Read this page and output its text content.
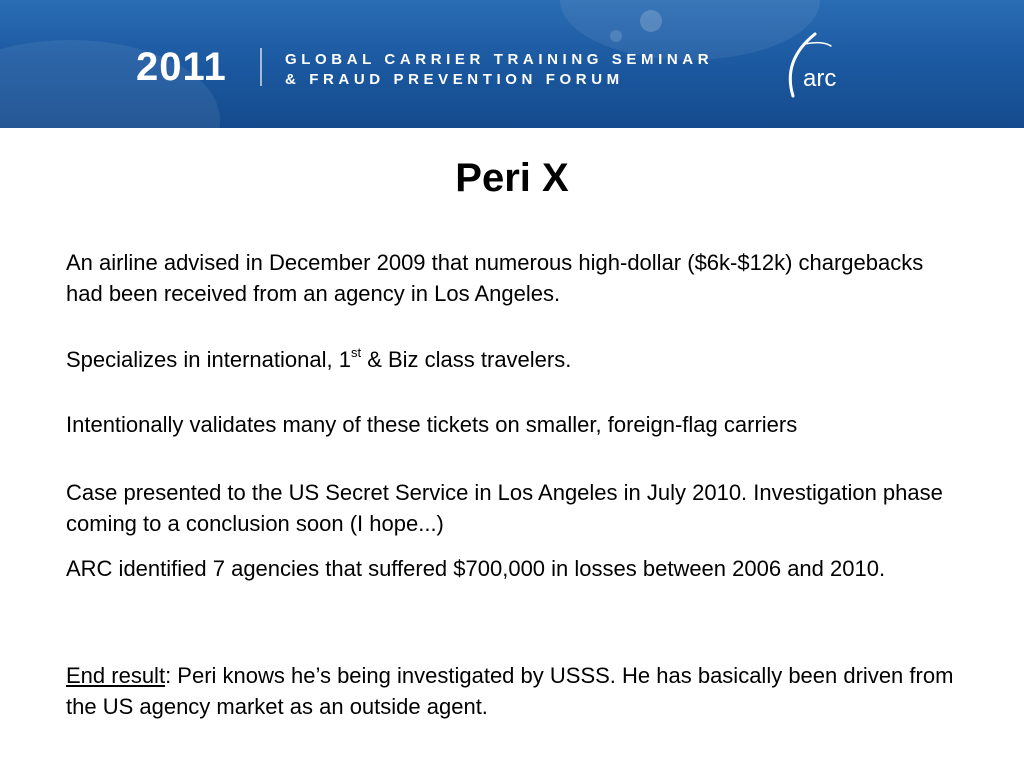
2011	GLOBAL CARRIER TRAINING SEMINAR
& FRAUD PREVENTION FORUM	arc
Peri X
An airline advised in December 2009 that numerous high-dollar ($6k-$12k) chargebacks had been received from an agency in Los Angeles.
Specializes in international, 1st & Biz class travelers.
Intentionally validates many of these tickets on smaller, foreign-flag carriers
Case presented to the US Secret Service in Los Angeles in July 2010. Investigation phase coming to a conclusion soon (I hope...)
ARC identified 7 agencies that suffered $700,000 in losses between 2006 and 2010.
End result: Peri knows he’s being investigated by USSS. He has basically been driven from the US agency market as an outside agent.
